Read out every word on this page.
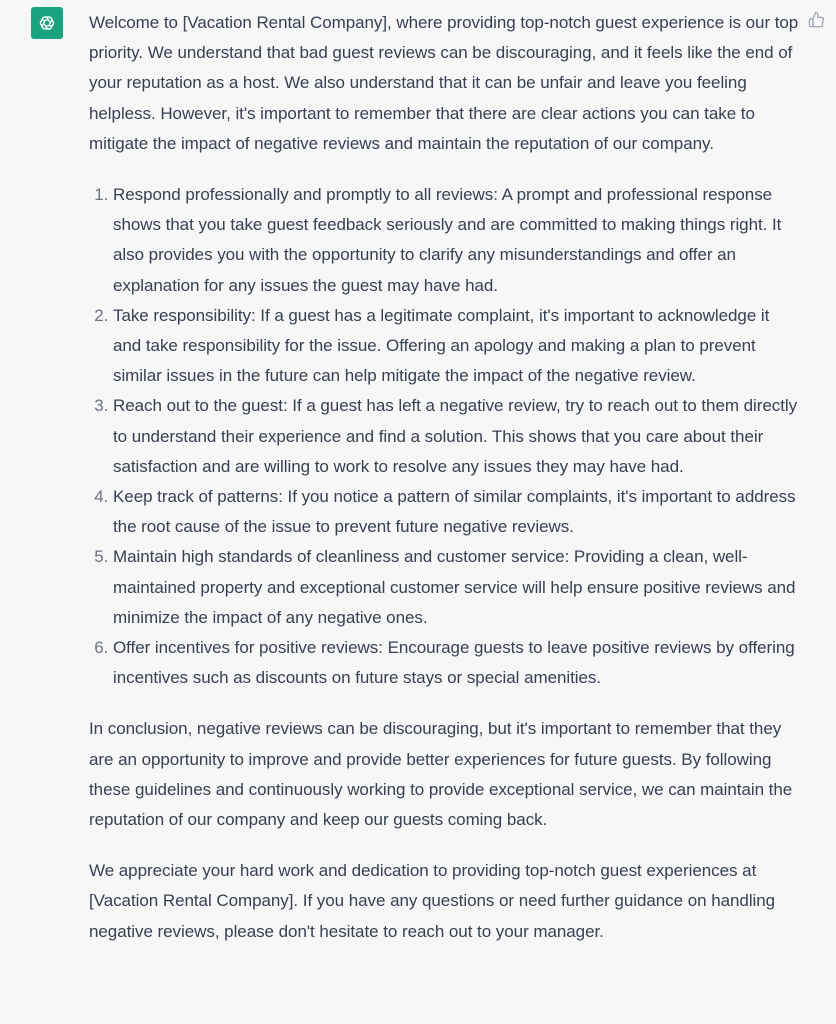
Welcome to [Vacation Rental Company], where providing top-notch guest experience is our top priority. We understand that bad guest reviews can be discouraging, and it feels like the end of your reputation as a host. We also understand that it can be unfair and leave you feeling helpless. However, it's important to remember that there are clear actions you can take to mitigate the impact of negative reviews and maintain the reputation of our company.

1. Respond professionally and promptly to all reviews: A prompt and professional response shows that you take guest feedback seriously and are committed to making things right. It also provides you with the opportunity to clarify any misunderstandings and offer an explanation for any issues the guest may have had.
2. Take responsibility: If a guest has a legitimate complaint, it's important to acknowledge it and take responsibility for the issue. Offering an apology and making a plan to prevent similar issues in the future can help mitigate the impact of the negative review.
3. Reach out to the guest: If a guest has left a negative review, try to reach out to them directly to understand their experience and find a solution. This shows that you care about their satisfaction and are willing to work to resolve any issues they may have had.
4. Keep track of patterns: If you notice a pattern of similar complaints, it's important to address the root cause of the issue to prevent future negative reviews.
5. Maintain high standards of cleanliness and customer service: Providing a clean, well-maintained property and exceptional customer service will help ensure positive reviews and minimize the impact of any negative ones.
6. Offer incentives for positive reviews: Encourage guests to leave positive reviews by offering incentives such as discounts on future stays or special amenities.

In conclusion, negative reviews can be discouraging, but it's important to remember that they are an opportunity to improve and provide better experiences for future guests. By following these guidelines and continuously working to provide exceptional service, we can maintain the reputation of our company and keep our guests coming back.

We appreciate your hard work and dedication to providing top-notch guest experiences at [Vacation Rental Company]. If you have any questions or need further guidance on handling negative reviews, please don't hesitate to reach out to your manager.
